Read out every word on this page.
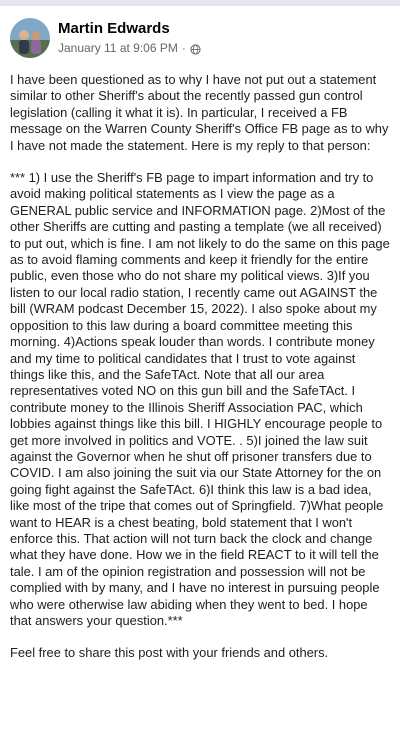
Martin Edwards
January 11 at 9:06 PM ·

I have been questioned as to why I have not put out a statement similar to other Sheriff's about the recently passed gun control legislation (calling it what it is). In particular, I received a FB message on the Warren County Sheriff's Office FB page as to why I have not made the statement. Here is my reply to that person:

*** 1) I use the Sheriff's FB page to impart information and try to avoid making political statements as I view the page as a GENERAL public service and INFORMATION page. 2)Most of the other Sheriffs are cutting and pasting a template (we all received) to put out, which is fine. I am not likely to do the same on this page as to avoid flaming comments and keep it friendly for the entire public, even those who do not share my political views. 3)If you listen to our local radio station, I recently came out AGAINST the bill (WRAM podcast December 15, 2022). I also spoke about my opposition to this law during a board committee meeting this morning. 4)Actions speak louder than words. I contribute money and my time to political candidates that I trust to vote against things like this, and the SafeTAct. Note that all our area representatives voted NO on this gun bill and the SafeTAct. I contribute money to the Illinois Sheriff Association PAC, which lobbies against things like this bill. I HIGHLY encourage people to get more involved in politics and VOTE. . 5)I joined the law suit against the Governor when he shut off prisoner transfers due to COVID. I am also joining the suit via our State Attorney for the on going fight against the SafeTAct. 6)I think this law is a bad idea, like most of the tripe that comes out of Springfield. 7)What people want to HEAR is a chest beating, bold statement that I won't enforce this. That action will not turn back the clock and change what they have done. How we in the field REACT to it will tell the tale. I am of the opinion registration and possession will not be complied with by many, and I have no interest in pursuing people who were otherwise law abiding when they went to bed. I hope that answers your question.***

Feel free to share this post with your friends and others.
